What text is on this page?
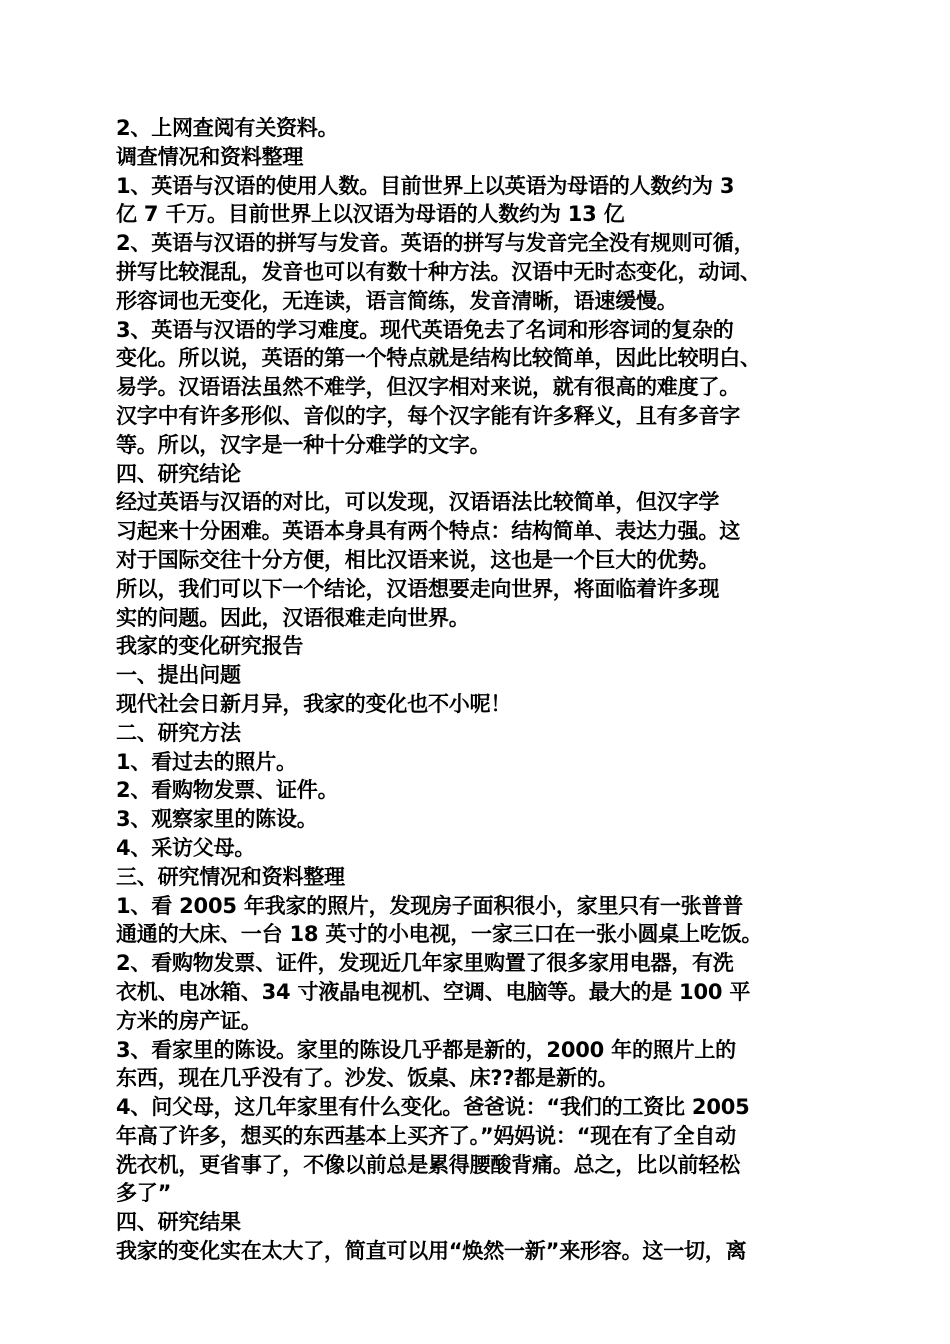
2、上网查阅有关资料。
调查情况和资料整理
1、英语与汉语的使用人数。目前世界上以英语为母语的人数约为 3
亿 7 千万。目前世界上以汉语为母语的人数约为 13 亿
2、英语与汉语的拼写与发音。英语的拼写与发音完全没有规则可循，
拼写比较混乱，发音也可以有数十种方法。汉语中无时态变化，动词、
形容词也无变化，无连读，语言简练，发音清晰，语速缓慢。
3、英语与汉语的学习难度。现代英语免去了名词和形容词的复杂的
变化。所以说，英语的第一个特点就是结构比较简单，因此比较明白、
易学。汉语语法虽然不难学，但汉字相对来说，就有很高的难度了。
汉字中有许多形似、音似的字，每个汉字能有许多释义，且有多音字
等。所以，汉字是一种十分难学的文字。
四、研究结论
经过英语与汉语的对比，可以发现，汉语语法比较简单，但汉字学
习起来十分困难。英语本身具有两个特点：结构简单、表达力强。这
对于国际交往十分方便，相比汉语来说，这也是一个巨大的优势。
所以，我们可以下一个结论，汉语想要走向世界，将面临着许多现
实的问题。因此，汉语很难走向世界。
我家的变化研究报告
一、提出问题
现代社会日新月异，我家的变化也不小呢！
二、研究方法
1、看过去的照片。
2、看购物发票、证件。
3、观察家里的陈设。
4、采访父母。
三、研究情况和资料整理
1、看 2005 年我家的照片，发现房子面积很小，家里只有一张普普
通通的大床、一台 18 英寸的小电视，一家三口在一张小圆桌上吃饭。
2、看购物发票、证件，发现近几年家里购置了很多家用电器，有洗
衣机、电冰箱、34 寸液晶电视机、空调、电脑等。最大的是 100 平
方米的房产证。
3、看家里的陈设。家里的陈设几乎都是新的，2000 年的照片上的
东西，现在几乎没有了。沙发、饭桌、床??都是新的。
4、问父母，这几年家里有什么变化。爸爸说：“我们的工资比 2005
年高了许多，想买的东西基本上买齐了。”妈妈说：“现在有了全自动
洗衣机，更省事了，不像以前总是累得腰酸背痛。总之，比以前轻松
多了”
四、研究结果
我家的变化实在太大了，简直可以用“焕然一新”来形容。这一切，离
